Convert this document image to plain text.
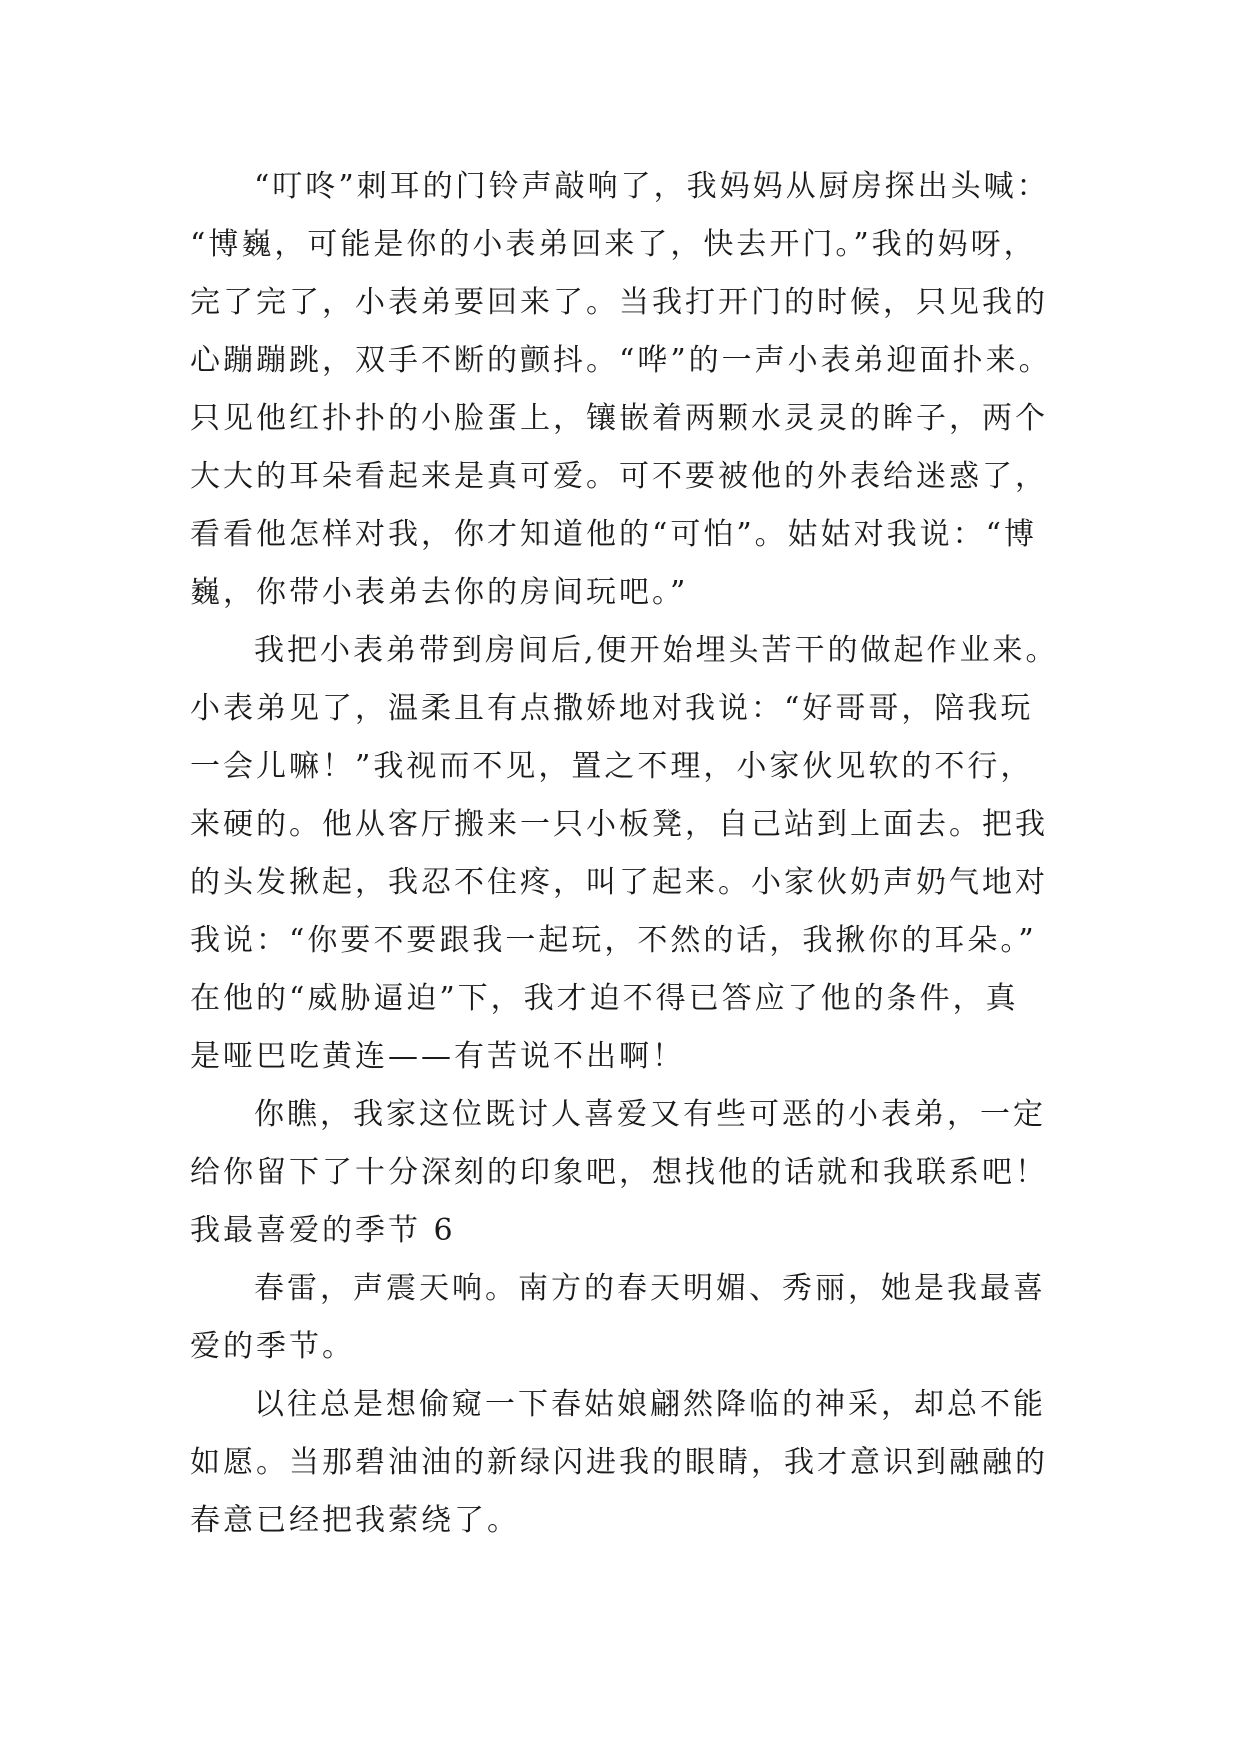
“叮咚”刺耳的门铃声敲响了，我妈妈从厨房探出头喊：
“博巍，可能是你的小表弟回来了，快去开门。”我的妈呀，
完了完了，小表弟要回来了。当我打开门的时候，只见我的
心蹦蹦跳，双手不断的颤抖。“哗”的一声小表弟迎面扑来。
只见他红扑扑的小脸蛋上，镶嵌着两颗水灵灵的眸子，两个
大大的耳朵看起来是真可爱。可不要被他的外表给迷惑了，
看看他怎样对我，你才知道他的“可怕”。姑姑对我说：“博
巍，你带小表弟去你的房间玩吧。”
我把小表弟带到房间后,便开始埋头苦干的做起作业来。
小表弟见了，温柔且有点撒娇地对我说：“好哥哥，陪我玩
一会儿嘛！”我视而不见，置之不理，小家伙见软的不行，
来硬的。他从客厅搬来一只小板凳，自己站到上面去。把我
的头发揪起，我忍不住疼，叫了起来。小家伙奶声奶气地对
我说：“你要不要跟我一起玩，不然的话，我揪你的耳朵。”
在他的“威胁逼迫”下，我才迫不得已答应了他的条件，真
是哑巴吃黄连——有苦说不出啊！
你瞧，我家这位既讨人喜爱又有些可恶的小表弟，一定
给你留下了十分深刻的印象吧，想找他的话就和我联系吧！
我最喜爱的季节 6
春雷，声震天响。南方的春天明媚、秀丽，她是我最喜
爱的季节。
以往总是想偷窥一下春姑娘翩然降临的神采，却总不能
如愿。当那碧油油的新绿闪进我的眼睛，我才意识到融融的
春意已经把我萦绕了。
